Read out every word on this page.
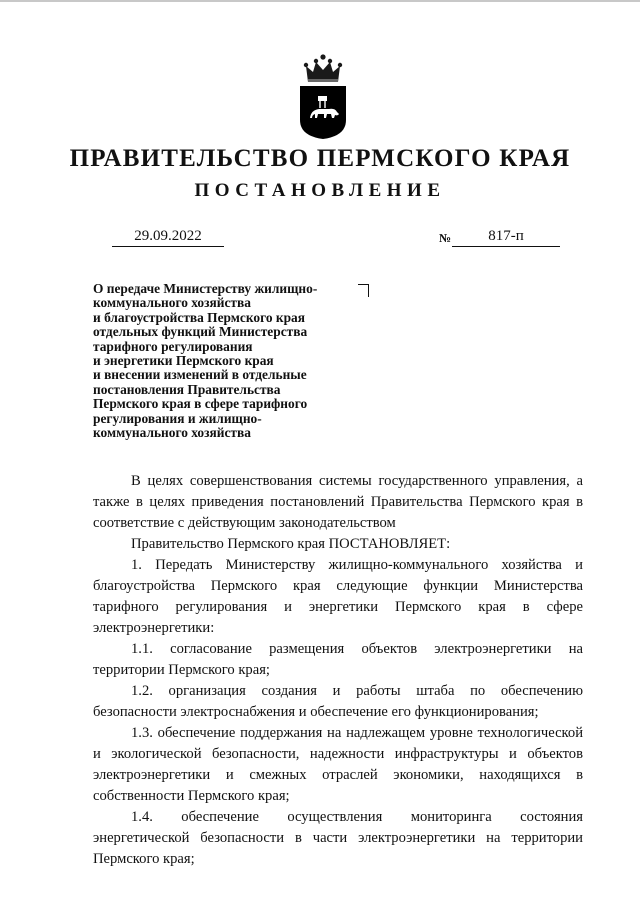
ПРАВИТЕЛЬСТВО ПЕРМСКОГО КРАЯ
ПОСТАНОВЛЕНИЕ
29.09.2022	№	817-п
О передаче Министерству жилищно-
коммунального хозяйства
и благоустройства Пермского края
отдельных функций Министерства
тарифного регулирования
и энергетики Пермского края
и внесении изменений в отдельные
постановления Правительства
Пермского края в сфере тарифного
регулирования и жилищно-
коммунального хозяйства

В целях совершенствования системы государственного управления, а также в целях приведения постановлений Правительства Пермского края в соответствие с действующим законодательством

Правительство Пермского края ПОСТАНОВЛЯЕТ:

1. Передать Министерству жилищно-коммунального хозяйства и благоустройства Пермского края следующие функции Министерства тарифного регулирования и энергетики Пермского края в сфере электроэнергетики:

1.1. согласование размещения объектов электроэнергетики на территории Пермского края;

1.2. организация создания и работы штаба по обеспечению безопасности электроснабжения и обеспечение его функционирования;

1.3. обеспечение поддержания на надлежащем уровне технологической и экологической безопасности, надежности инфраструктуры и объектов электроэнергетики и смежных отраслей экономики, находящихся в собственности Пермского края;

1.4. обеспечение осуществления мониторинга состояния энергетической безопасности в части электроэнергетики на территории Пермского края;
